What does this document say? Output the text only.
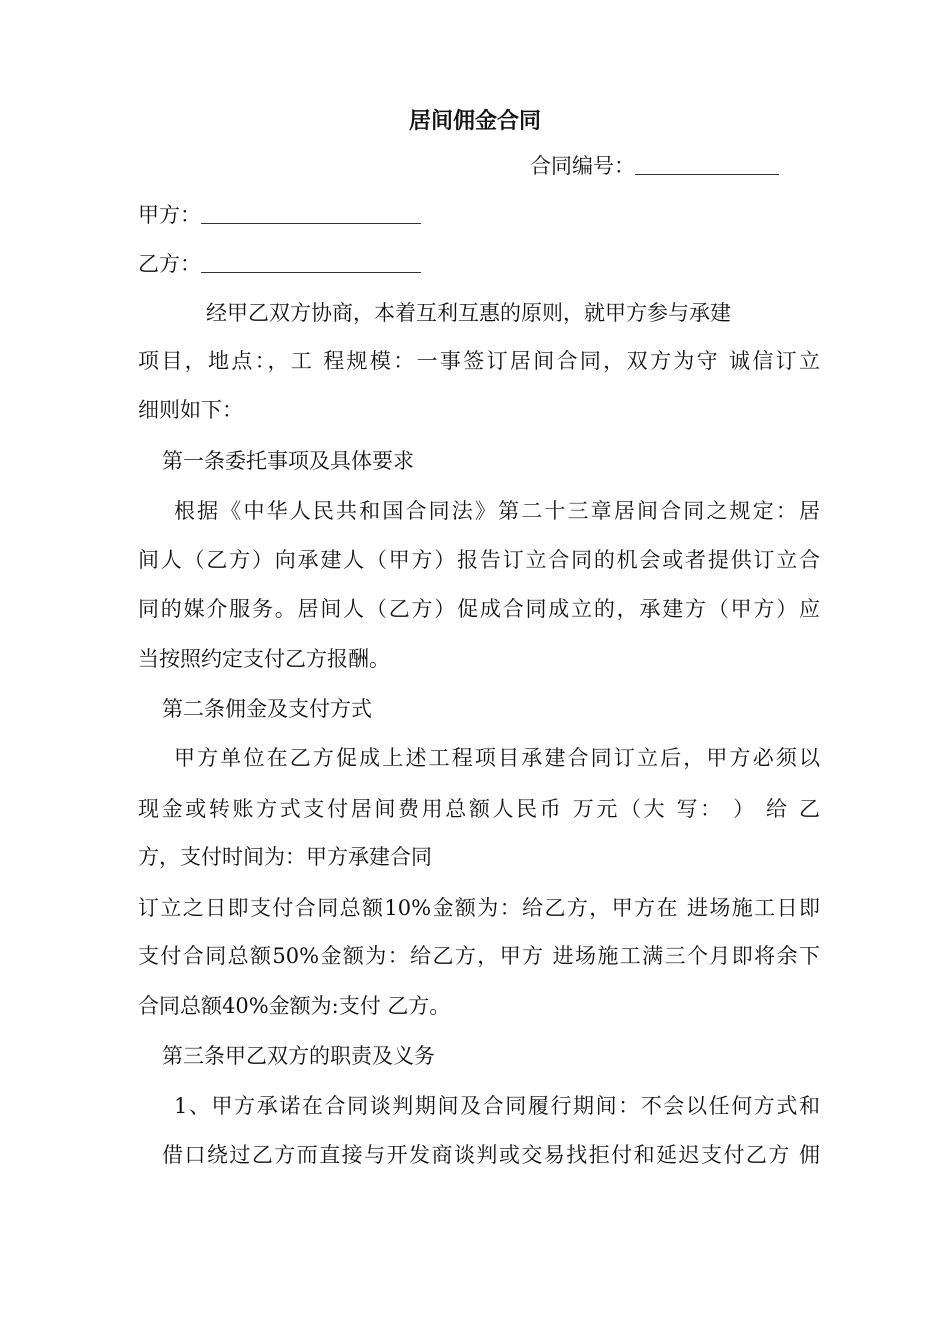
居间佣金合同
合同编号：
甲方：
乙方：
经甲乙双方协商，本着互利互惠的原则，就甲方参与承建
项目，地点：，工 程规模：一事签订居间合同，双方为守 诚信订立
细则如下：
第一条委托事项及具体要求
根据《中华人民共和国合同法》第二十三章居间合同之规定：居
间人（乙方）向承建人（甲方）报告订立合同的机会或者提供订立合
同的媒介服务。居间人（乙方）促成合同成立的，承建方（甲方）应
当按照约定支付乙方报酬。
第二条佣金及支付方式
甲方单位在乙方促成上述工程项目承建合同订立后，甲方必须以
现金或转账方式支付居间费用总额人民币 万元（大 写： ） 给 乙
方，支付时间为：甲方承建合同
订立之日即支付合同总额10%金额为：给乙方，甲方在 进场施工日即
支付合同总额50%金额为：给乙方，甲方 进场施工满三个月即将余下
合同总额40%金额为:支付 乙方。
第三条甲乙双方的职责及义务
1、甲方承诺在合同谈判期间及合同履行期间：不会以任何方式和
借口绕过乙方而直接与开发商谈判或交易找拒付和延迟支付乙方 佣
